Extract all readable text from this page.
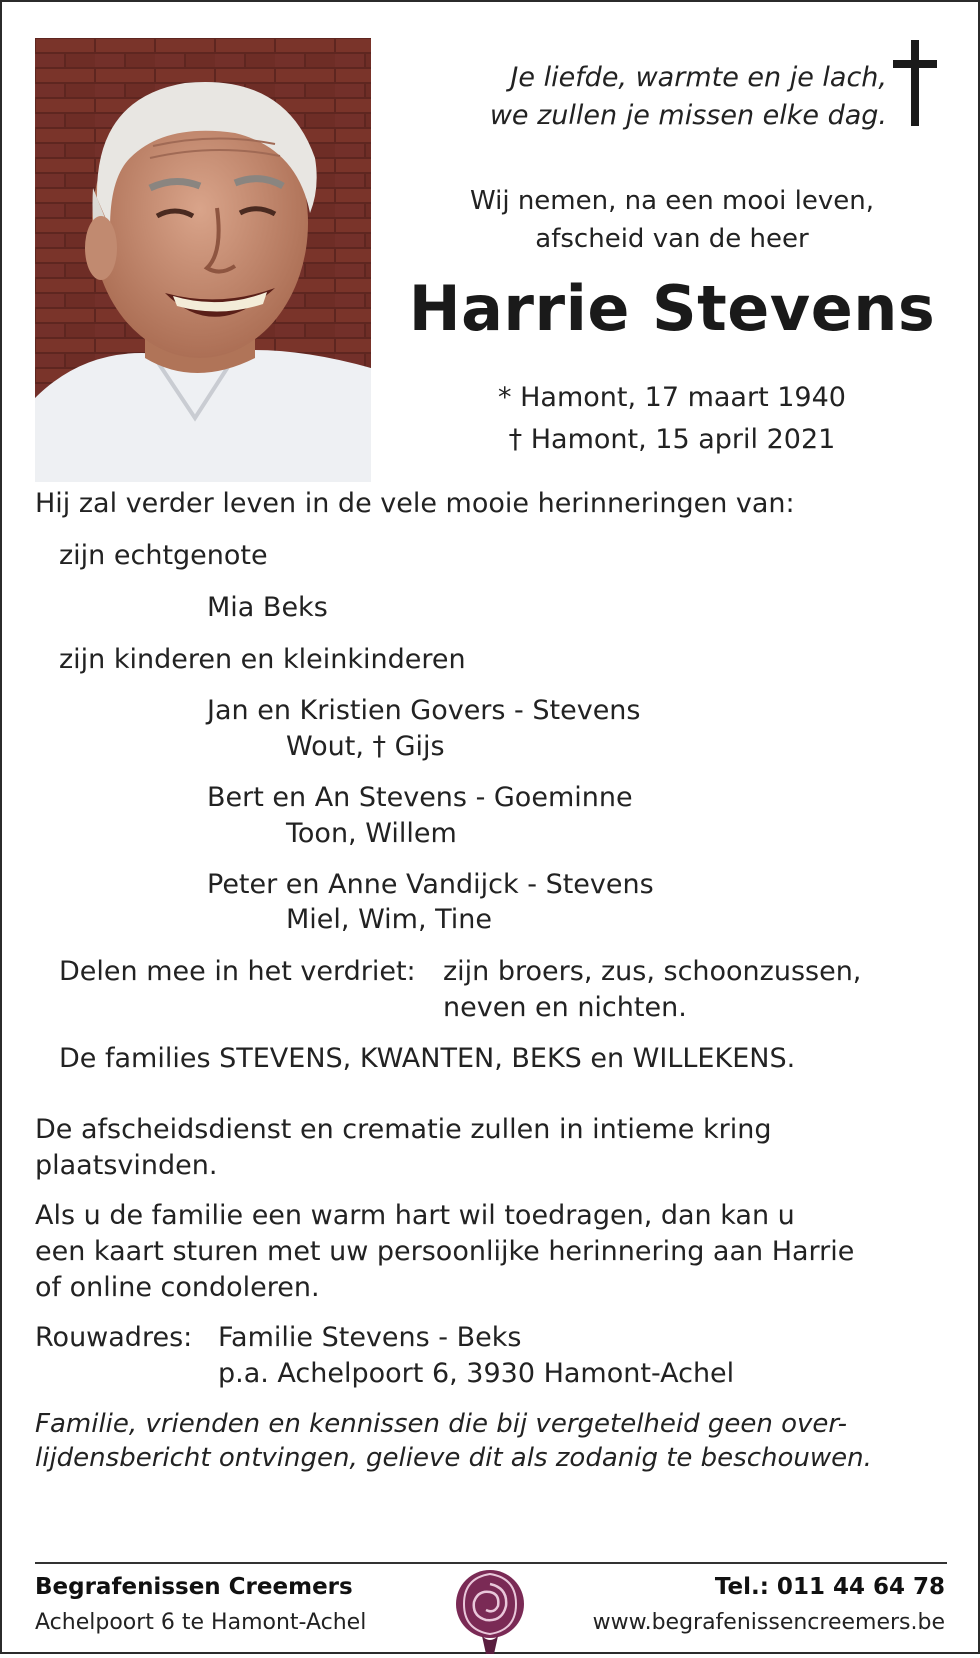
Je liefde, warmte en je lach,
we zullen je missen elke dag.
Wij nemen, na een mooi leven,
afscheid van de heer
Harrie Stevens
* Hamont, 17 maart 1940
† Hamont, 15 april 2021
Hij zal verder leven in de vele mooie herinneringen van:
zijn echtgenote
Mia Beks
zijn kinderen en kleinkinderen
Jan en Kristien Govers - Stevens
Wout, † Gijs
Bert en An Stevens - Goeminne
Toon, Willem
Peter en Anne Vandijck - Stevens
Miel, Wim, Tine
Delen mee in het verdriet: zijn broers, zus, schoonzussen,
neven en nichten.
De families STEVENS, KWANTEN, BEKS en WILLEKENS.
De afscheidsdienst en crematie zullen in intieme kring
plaatsvinden.
Als u de familie een warm hart wil toedragen, dan kan u
een kaart sturen met uw persoonlijke herinnering aan Harrie
of online condoleren.
Rouwadres: Familie Stevens - Beks
p.a. Achelpoort 6, 3930 Hamont-Achel
Familie, vrienden en kennissen die bij vergetelheid geen over-
lijdensbericht ontvingen, gelieve dit als zodanig te beschouwen.
Begrafenissen Creemers
Achelpoort 6 te Hamont-Achel
Tel.: 011 44 64 78
www.begrafenissencreemers.be
